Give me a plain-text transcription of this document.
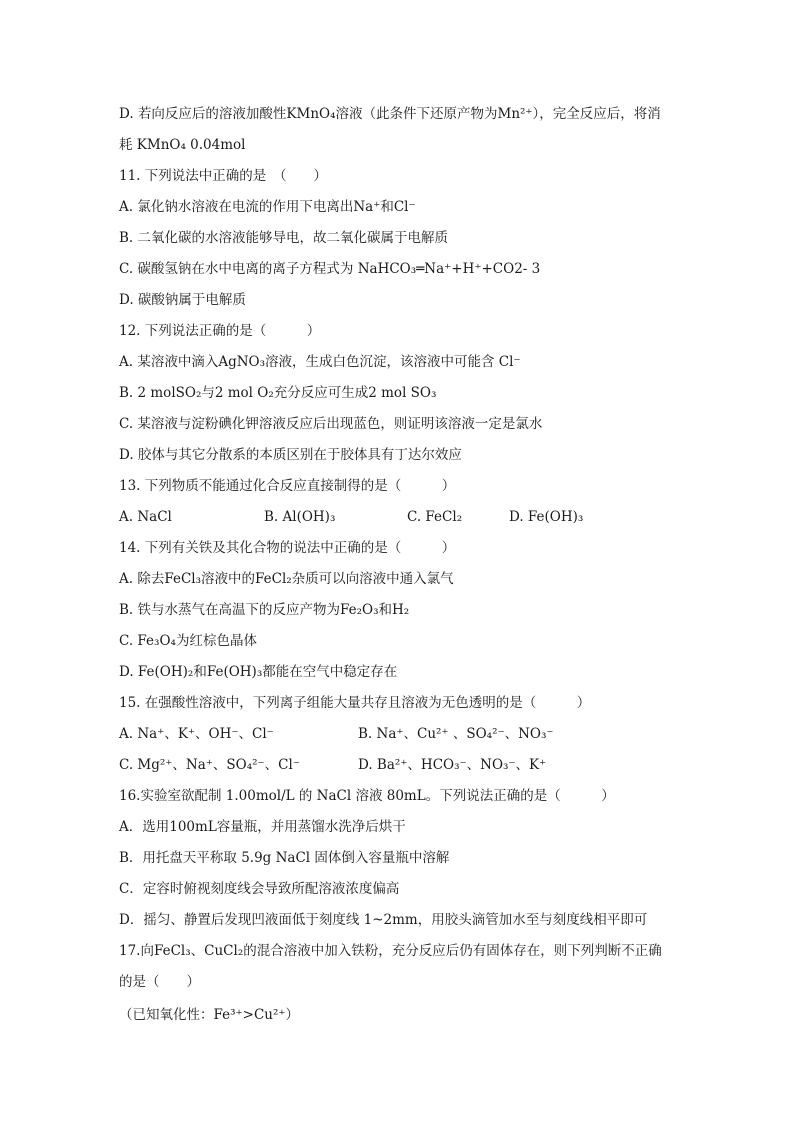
D. 若向反应后的溶液加酸性KMnO₄溶液（此条件下还原产物为Mn²⁺），完全反应后，将消
耗 KMnO₄ 0.04mol
11. 下列说法中正确的是　（　　）
A. 氯化钠水溶液在电流的作用下电离出Na⁺和Cl⁻
B. 二氧化碳的水溶液能够导电，故二氧化碳属于电解质
C. 碳酸氢钠在水中电离的离子方程式为 NaHCO₃═Na⁺+H⁺+CO2- 3
D. 碳酸钠属于电解质
12. 下列说法正确的是（　　　）
A. 某溶液中滴入AgNO₃溶液，生成白色沉淀，该溶液中可能含 Cl⁻
B. 2 molSO₂与2 mol O₂充分反应可生成2 mol SO₃
C. 某溶液与淀粉碘化钾溶液反应后出现蓝色，则证明该溶液一定是氯水
D. 胶体与其它分散系的本质区别在于胶体具有丁达尔效应
13. 下列物质不能通过化合反应直接制得的是（　　　）
A. NaCl	B. Al(OH)₃	C. FeCl₂	D. Fe(OH)₃
14. 下列有关铁及其化合物的说法中正确的是（　　　）
A. 除去FeCl₃溶液中的FeCl₂杂质可以向溶液中通入氯气
B. 铁与水蒸气在高温下的反应产物为Fe₂O₃和H₂
C. Fe₃O₄为红棕色晶体
D. Fe(OH)₂和Fe(OH)₃都能在空气中稳定存在
15. 在强酸性溶液中，下列离子组能大量共存且溶液为无色透明的是（　　　）
A. Na⁺、K⁺、OH⁻、Cl⁻	B. Na⁺、Cu²⁺ 、SO₄²⁻、NO₃⁻
C. Mg²⁺、Na⁺、SO₄²⁻、Cl⁻	D. Ba²⁺、HCO₃⁻、NO₃⁻、K⁺
16.实验室欲配制 1.00mol/L 的 NaCl 溶液 80mL。下列说法正确的是（　　　）
A．选用100mL容量瓶，并用蒸馏水洗净后烘干
B．用托盘天平称取 5.9g NaCl 固体倒入容量瓶中溶解
C．定容时俯视刻度线会导致所配溶液浓度偏高
D．摇匀、静置后发现凹液面低于刻度线 1~2mm，用胶头滴管加水至与刻度线相平即可
17.向FeCl₃、CuCl₂的混合溶液中加入铁粉，充分反应后仍有固体存在，则下列判断不正确
的是（　　）
（已知氧化性：Fe³⁺>Cu²⁺）
